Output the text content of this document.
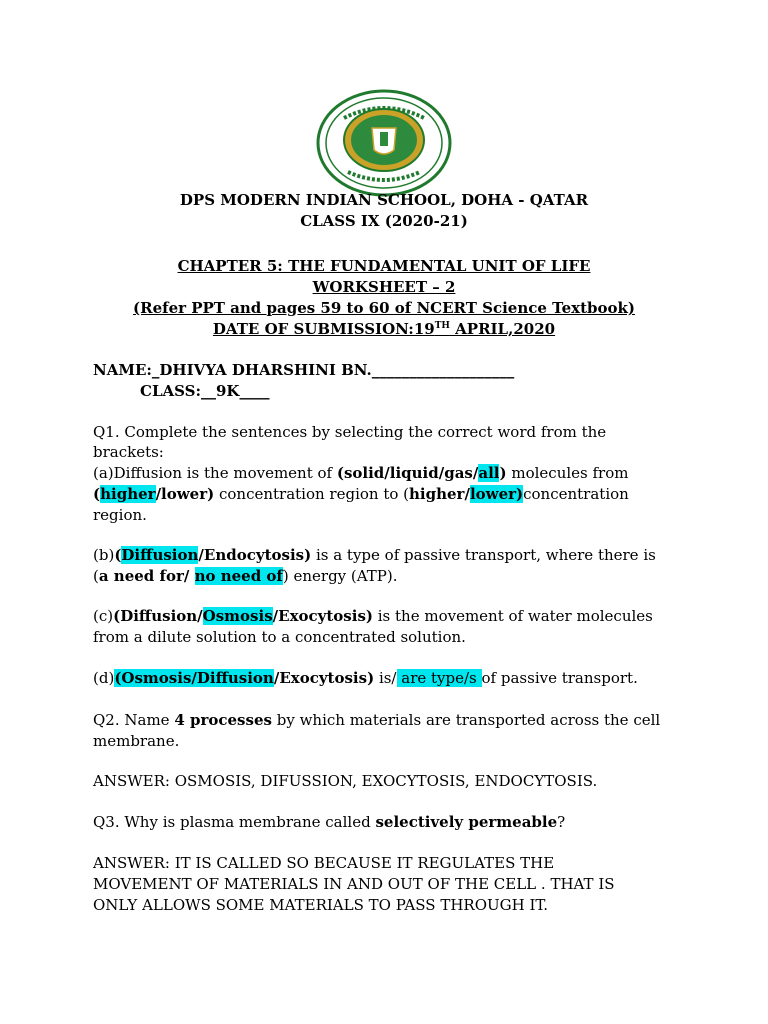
DPS MODERN INDIAN SCHOOL, DOHA - QATAR
CLASS IX (2020-21)
CHAPTER 5: THE FUNDAMENTAL UNIT OF LIFE
WORKSHEET – 2
(Refer PPT and pages 59 to 60 of NCERT Science Textbook)
DATE OF SUBMISSION:19TH APRIL,2020
NAME:_DHIVYA DHARSHINI BN.___________________
CLASS:__9K____
Q1. Complete the sentences by selecting the correct word from the
brackets:
(a)Diffusion is the movement of (solid/liquid/gas/all) molecules from
(higher/lower) concentration region to (higher/lower)concentration
region.
(b)(Diffusion/Endocytosis) is a type of passive transport, where there is
(a need for/ no need of) energy (ATP).
(c)(Diffusion/Osmosis/Exocytosis) is the movement of water molecules
from a dilute solution to a concentrated solution.
(d)(Osmosis/Diffusion/Exocytosis) is/ are type/s of passive transport.
Q2. Name 4 processes by which materials are transported across the cell
membrane.
ANSWER: OSMOSIS, DIFUSSION, EXOCYTOSIS, ENDOCYTOSIS.
Q3. Why is plasma membrane called selectively permeable?
ANSWER: IT IS CALLED SO BECAUSE IT REGULATES THE
MOVEMENT OF MATERIALS IN AND OUT OF THE CELL . THAT IS
ONLY ALLOWS SOME MATERIALS TO PASS THROUGH IT.
